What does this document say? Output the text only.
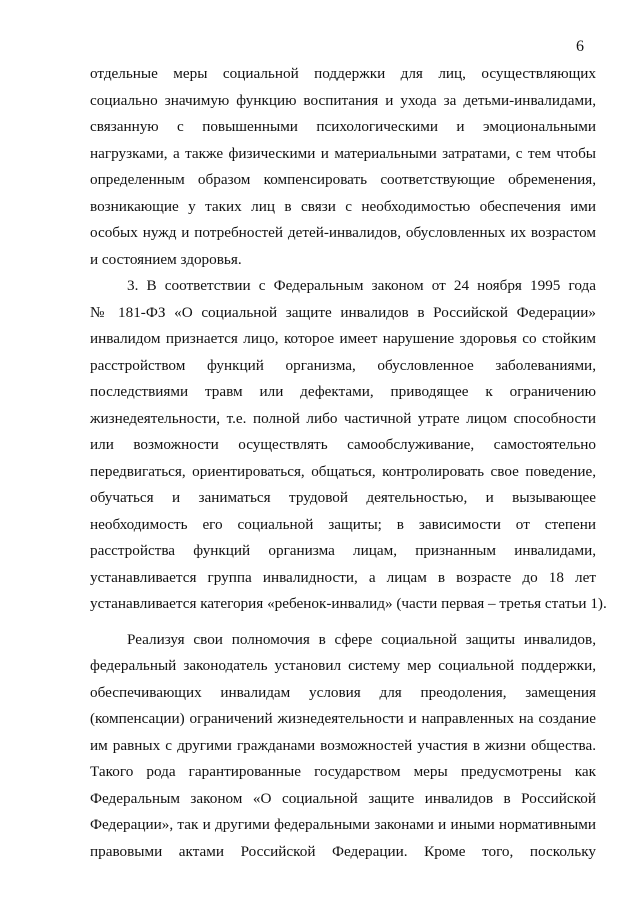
6

отдельные меры социальной поддержки для лиц, осуществляющих
социально значимую функцию воспитания и ухода за детьми-инвалидами,
связанную с повышенными психологическими и эмоциональными
нагрузками, а также физическими и материальными затратами, с тем чтобы
определенным образом компенсировать соответствующие обременения,
возникающие у таких лиц в связи с необходимостью обеспечения ими
особых нужд и потребностей детей-инвалидов, обусловленных их возрастом
и состоянием здоровья.

3. В соответствии с Федеральным законом от 24 ноября 1995 года
№ 181-ФЗ «О социальной защите инвалидов в Российской Федерации»
инвалидом признается лицо, которое имеет нарушение здоровья со стойким
расстройством функций организма, обусловленное заболеваниями,
последствиями травм или дефектами, приводящее к ограничению
жизнедеятельности, т.е. полной либо частичной утрате лицом способности
или возможности осуществлять самообслуживание, самостоятельно
передвигаться, ориентироваться, общаться, контролировать свое поведение,
обучаться и заниматься трудовой деятельностью, и вызывающее
необходимость его социальной защиты; в зависимости от степени
расстройства функций организма лицам, признанным инвалидами,
устанавливается группа инвалидности, а лицам в возрасте до 18 лет
устанавливается категория «ребенок-инвалид» (части первая – третья статьи 1).

Реализуя свои полномочия в сфере социальной защиты инвалидов,
федеральный законодатель установил систему мер социальной поддержки,
обеспечивающих инвалидам условия для преодоления, замещения
(компенсации) ограничений жизнедеятельности и направленных на создание
им равных с другими гражданами возможностей участия в жизни общества.
Такого рода гарантированные государством меры предусмотрены как
Федеральным законом «О социальной защите инвалидов в Российской
Федерации», так и другими федеральными законами и иными нормативными
правовыми актами Российской Федерации. Кроме того, поскольку
